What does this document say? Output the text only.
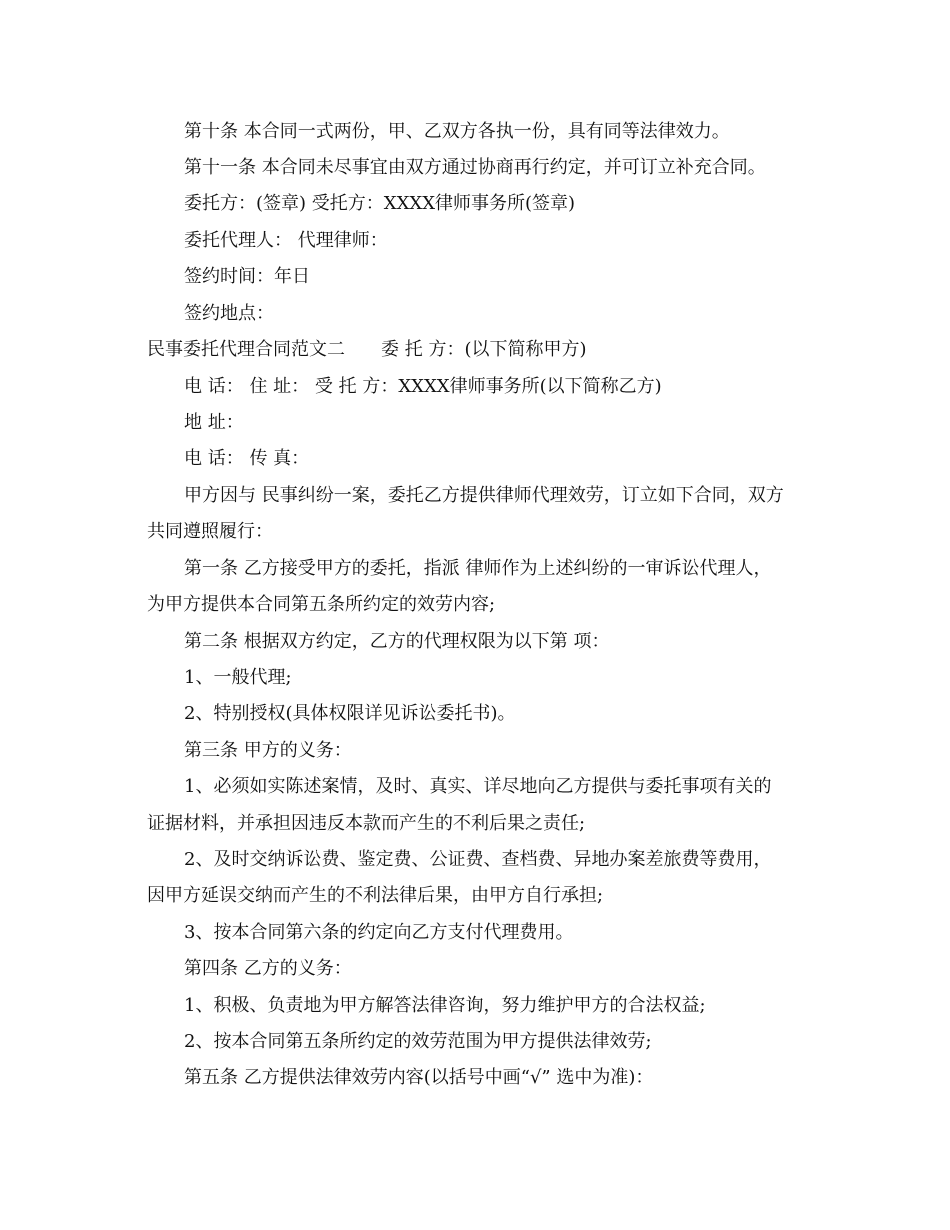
第十条 本合同一式两份，甲、乙双方各执一份，具有同等法律效力。
第十一条 本合同未尽事宜由双方通过协商再行约定，并可订立补充合同。
委托方：(签章) 受托方：XXXX律师事务所(签章)
委托代理人： 代理律师：
签约时间：年日
签约地点：
民事委托代理合同范文二　　委 托 方：(以下简称甲方)
电 话： 住 址： 受 托 方：XXXX律师事务所(以下简称乙方)
地 址：
电 话： 传 真：
甲方因与 民事纠纷一案，委托乙方提供律师代理效劳，订立如下合同，双方
共同遵照履行：
第一条 乙方接受甲方的委托，指派 律师作为上述纠纷的一审诉讼代理人，
为甲方提供本合同第五条所约定的效劳内容;
第二条 根据双方约定，乙方的代理权限为以下第 项：
1、一般代理;
2、特别授权(具体权限详见诉讼委托书)。
第三条 甲方的义务：
1、必须如实陈述案情，及时、真实、详尽地向乙方提供与委托事项有关的
证据材料，并承担因违反本款而产生的不利后果之责任;
2、及时交纳诉讼费、鉴定费、公证费、查档费、异地办案差旅费等费用，
因甲方延误交纳而产生的不利法律后果，由甲方自行承担;
3、按本合同第六条的约定向乙方支付代理费用。
第四条 乙方的义务：
1、积极、负责地为甲方解答法律咨询，努力维护甲方的合法权益;
2、按本合同第五条所约定的效劳范围为甲方提供法律效劳;
第五条 乙方提供法律效劳内容(以括号中画“√” 选中为准)：
